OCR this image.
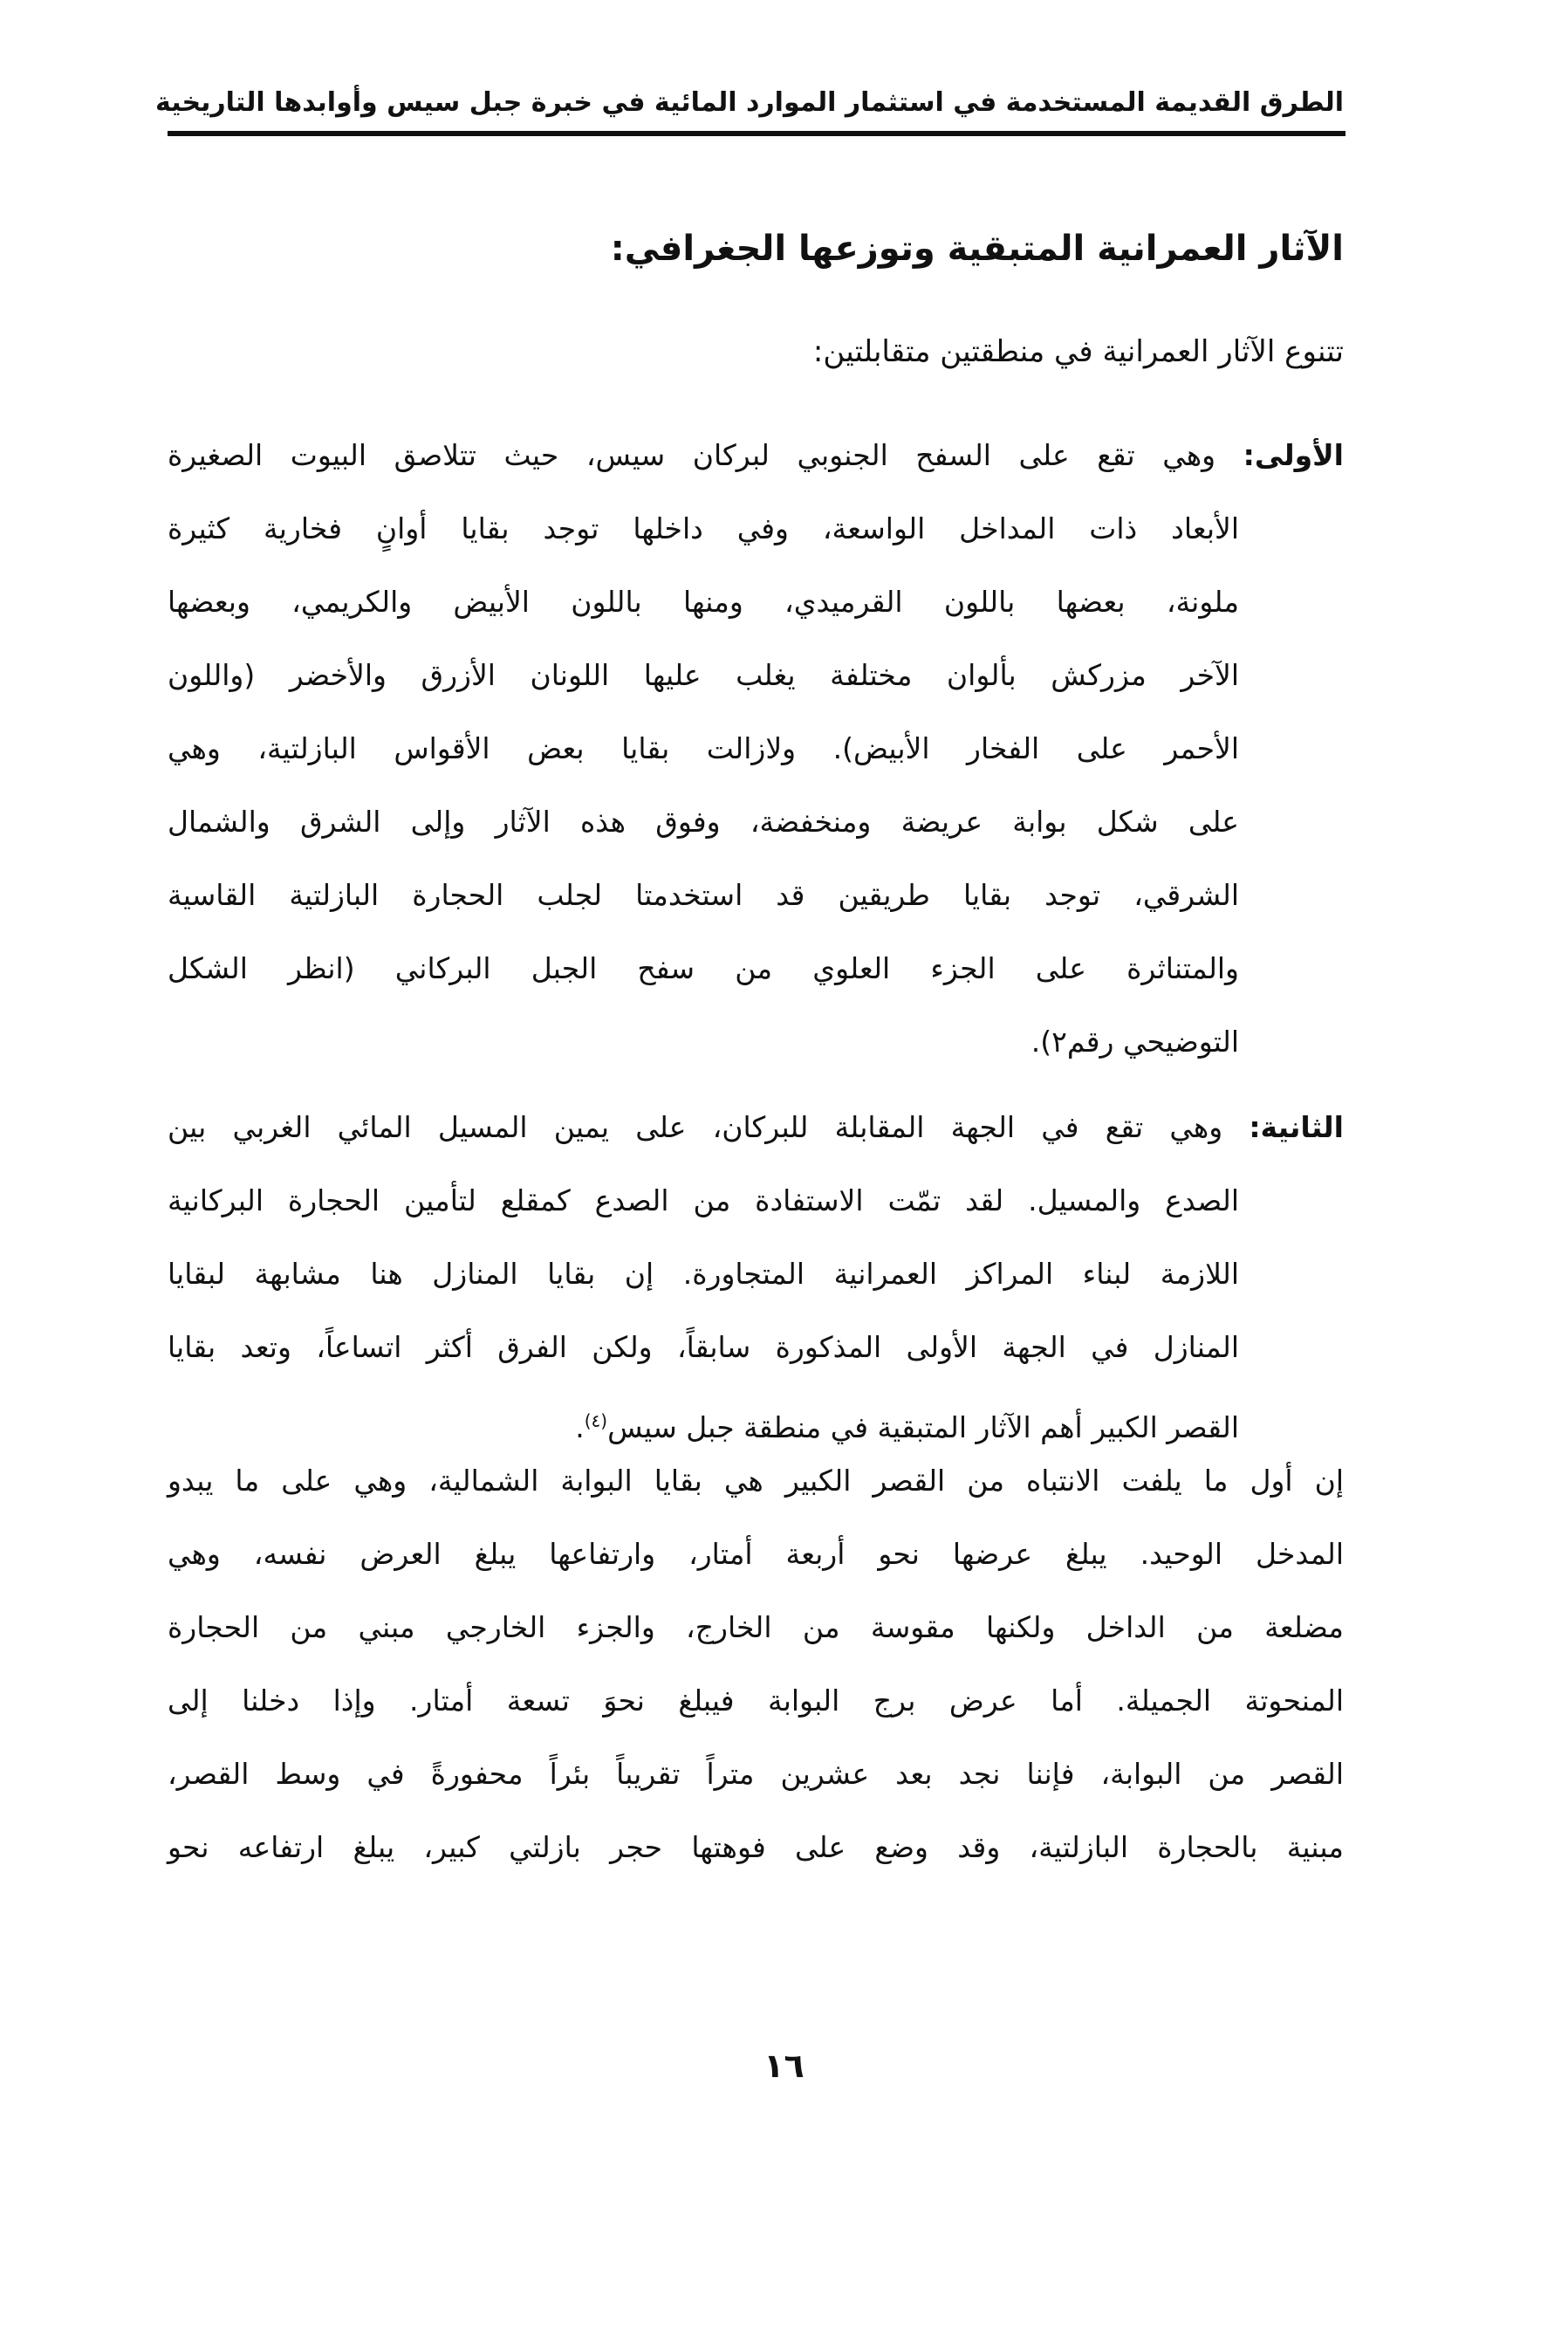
الطرق القديمة المستخدمة في استثمار الموارد المائية في خبرة جبل سيس وأوابدها التاريخية
الآثار العمرانية المتبقية وتوزعها الجغرافي:
تتنوع الآثار العمرانية في منطقتين متقابلتين:
الأولى: وهي تقع على السفح الجنوبي لبركان سيس، حيث تتلاصق البيوت الصغيرة
الأبعاد ذات المداخل الواسعة، وفي داخلها توجد بقايا أوانٍ فخارية كثيرة
ملونة، بعضها باللون القرميدي، ومنها باللون الأبيض والكريمي، وبعضها
الآخر مزركش بألوان مختلفة يغلب عليها اللونان الأزرق والأخضر (واللون
الأحمر على الفخار الأبيض). ولازالت بقايا بعض الأقواس البازلتية، وهي
على شكل بوابة عريضة ومنخفضة، وفوق هذه الآثار وإلى الشرق والشمال
الشرقي، توجد بقايا طريقين قد استخدمتا لجلب الحجارة البازلتية القاسية
والمتناثرة على الجزء العلوي من سفح الجبل البركاني (انظر الشكل
التوضيحي رقم٢).
الثانية: وهي تقع في الجهة المقابلة للبركان، على يمين المسيل المائي الغربي بين
الصدع والمسيل. لقد تمّت الاستفادة من الصدع كمقلع لتأمين الحجارة البركانية
اللازمة لبناء المراكز العمرانية المتجاورة. إن بقايا المنازل هنا مشابهة لبقايا
المنازل في الجهة الأولى المذكورة سابقاً، ولكن الفرق أكثر اتساعاً، وتعد بقايا
القصر الكبير أهم الآثار المتبقية في منطقة جبل سيس$^{(٤)}$.
إن أول ما يلفت الانتباه من القصر الكبير هي بقايا البوابة الشمالية، وهي على ما يبدو
المدخل الوحيد. يبلغ عرضها نحو أربعة أمتار، وارتفاعها يبلغ العرض نفسه، وهي
مضلعة من الداخل ولكنها مقوسة من الخارج، والجزء الخارجي مبني من الحجارة
المنحوتة الجميلة. أما عرض برج البوابة فيبلغ نحوَ تسعة أمتار. وإذا دخلنا إلى
القصر من البوابة، فإننا نجد بعد عشرين متراً تقريباً بئراً محفورةً في وسط القصر،
مبنية بالحجارة البازلتية، وقد وضع على فوهتها حجر بازلتي كبير، يبلغ ارتفاعه نحو
١٦
